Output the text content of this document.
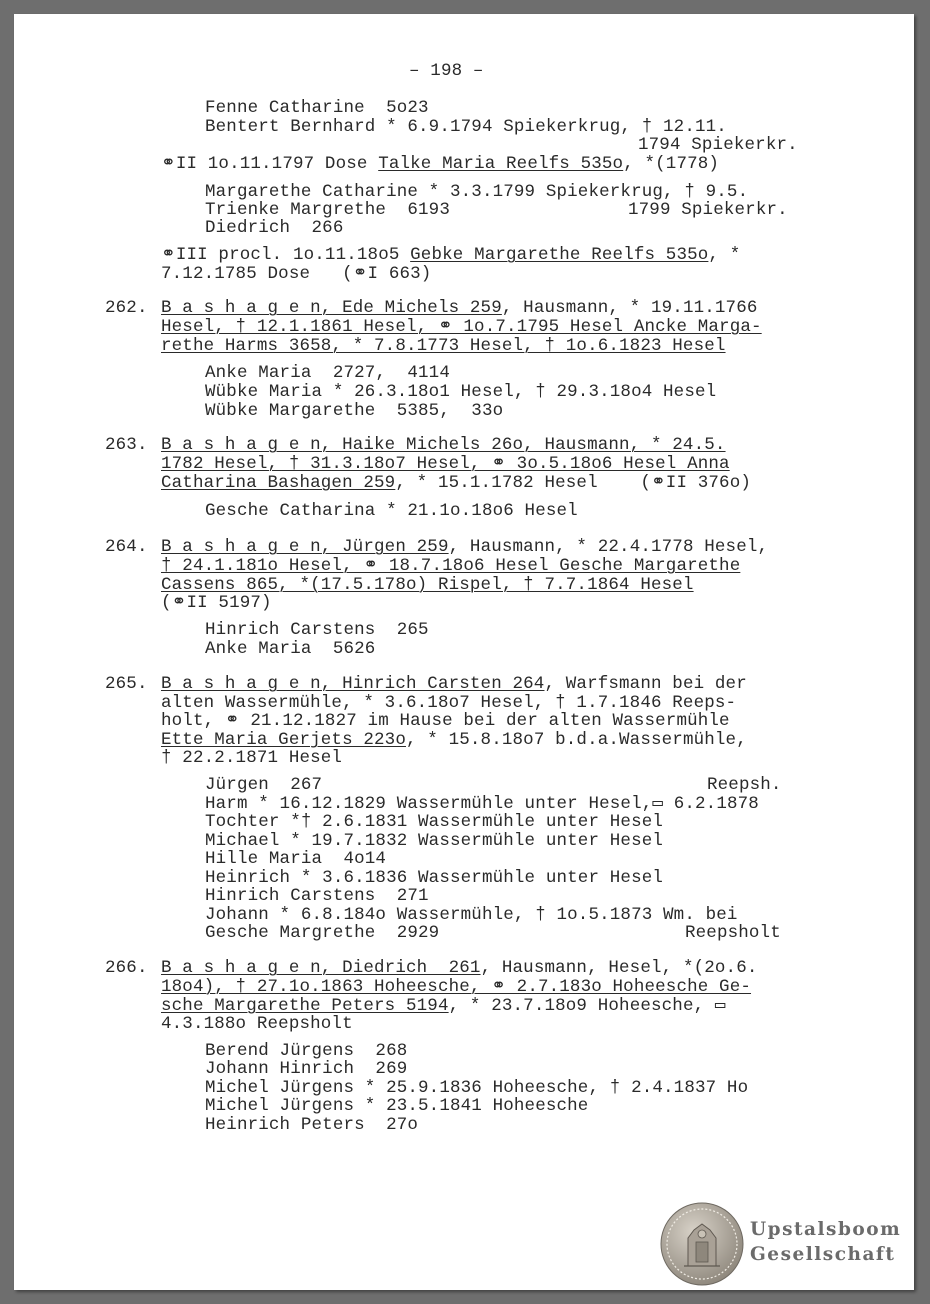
– 198 –
Fenne Catharine  5o23
Bentert Bernhard * 6.9.1794 Spiekerkrug, † 12.11.
1794 Spiekerkr.
⚭II 1o.11.1797 Dose Talke Maria Reelfs 535o, *(1778)
Margarethe Catharine * 3.3.1799 Spiekerkrug, † 9.5.
Trienke Margrethe  6193	1799 Spiekerkr.
Diedrich  266
⚭III procl. 1o.11.18o5 Gebke Margarethe Reelfs 535o, *
7.12.1785 Dose   (⚭I 663)
262. B a s h a g e n, Ede Michels 259, Hausmann, * 19.11.1766
Hesel, † 12.1.1861 Hesel, ⚭ 1o.7.1795 Hesel Ancke Marga-
rethe Harms 3658, * 7.8.1773 Hesel, † 1o.6.1823 Hesel
Anke Maria  2727,  4114
Wübke Maria * 26.3.18o1 Hesel, † 29.3.18o4 Hesel
Wübke Margarethe  5385,  33o
263. B a s h a g e n, Haike Michels 26o, Hausmann, * 24.5.
1782 Hesel, † 31.3.18o7 Hesel, ⚭ 3o.5.18o6 Hesel Anna
Catharina Bashagen 259, * 15.1.1782 Hesel    (⚭II 376o)
Gesche Catharina * 21.1o.18o6 Hesel
264. B a s h a g e n, Jürgen 259, Hausmann, * 22.4.1778 Hesel,
† 24.1.181o Hesel, ⚭ 18.7.18o6 Hesel Gesche Margarethe
Cassens 865, *(17.5.178o) Rispel, † 7.7.1864 Hesel
(⚭II 5197)
Hinrich Carstens  265
Anke Maria  5626
265. B a s h a g e n, Hinrich Carsten 264, Warfsmann bei der
alten Wassermühle, * 3.6.18o7 Hesel, † 1.7.1846 Reeps-
holt, ⚭ 21.12.1827 im Hause bei der alten Wassermühle
Ette Maria Gerjets 223o, * 15.8.18o7 b.d.a.Wassermühle,
† 22.2.1871 Hesel
Jürgen  267	Reepsh.
Harm * 16.12.1829 Wassermühle unter Hesel,▭ 6.2.1878
Tochter *† 2.6.1831 Wassermühle unter Hesel
Michael * 19.7.1832 Wassermühle unter Hesel
Hille Maria  4o14
Heinrich * 3.6.1836 Wassermühle unter Hesel
Hinrich Carstens  271
Johann * 6.8.184o Wassermühle, † 1o.5.1873 Wm. bei
Gesche Margrethe  2929	Reepsholt
266. B a s h a g e n, Diedrich  261, Hausmann, Hesel, *(2o.6.
18o4), † 27.1o.1863 Hoheesche, ⚭ 2.7.183o Hoheesche Ge-
sche Margarethe Peters 5194, * 23.7.18o9 Hoheesche, ▭
4.3.188o Reepsholt
Berend Jürgens  268
Johann Hinrich  269
Michel Jürgens * 25.9.1836 Hoheesche, † 2.4.1837 Ho
Michel Jürgens * 23.5.1841 Hoheesche
Heinrich Peters  27o
Upstalsboom
Gesellschaft
